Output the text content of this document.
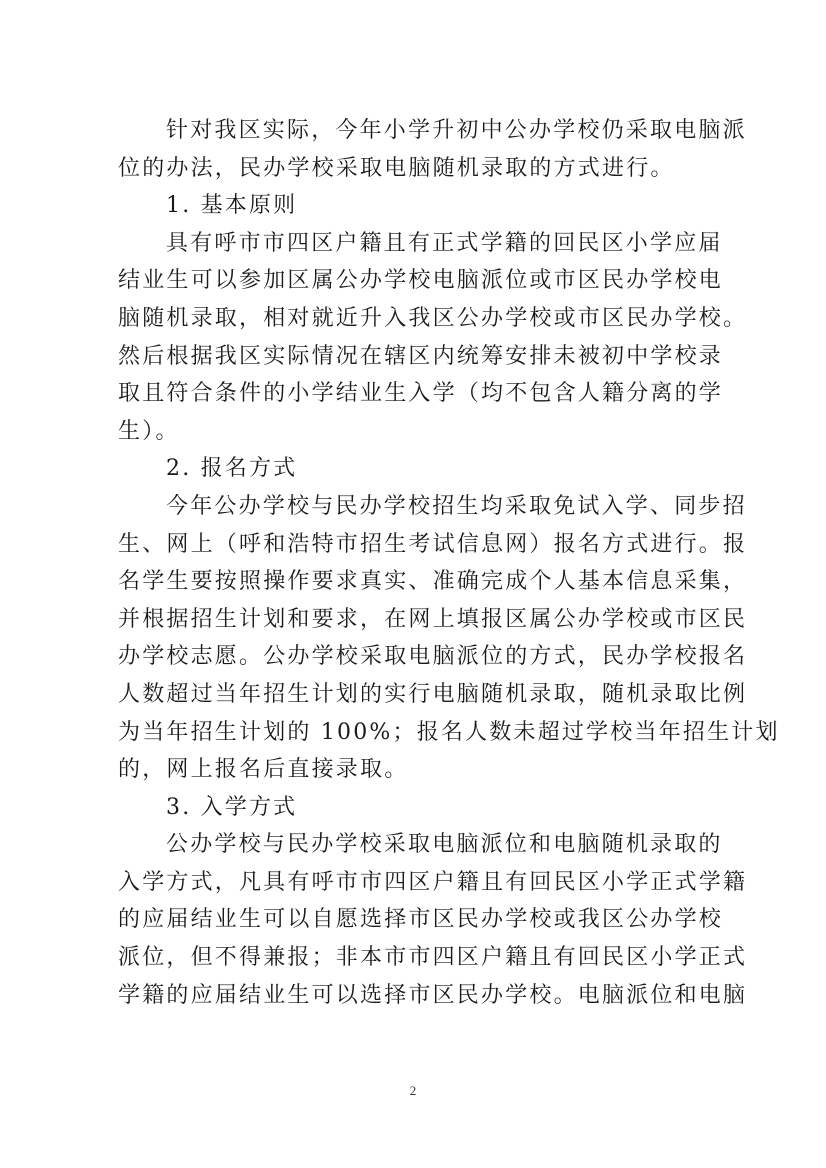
针对我区实际，今年小学升初中公办学校仍采取电脑派
位的办法，民办学校采取电脑随机录取的方式进行。
1. 基本原则
具有呼市市四区户籍且有正式学籍的回民区小学应届
结业生可以参加区属公办学校电脑派位或市区民办学校电
脑随机录取，相对就近升入我区公办学校或市区民办学校。
然后根据我区实际情况在辖区内统筹安排未被初中学校录
取且符合条件的小学结业生入学（均不包含人籍分离的学
生）。
2. 报名方式
今年公办学校与民办学校招生均采取免试入学、同步招
生、网上（呼和浩特市招生考试信息网）报名方式进行。报
名学生要按照操作要求真实、准确完成个人基本信息采集，
并根据招生计划和要求，在网上填报区属公办学校或市区民
办学校志愿。公办学校采取电脑派位的方式，民办学校报名
人数超过当年招生计划的实行电脑随机录取，随机录取比例
为当年招生计划的 100%；报名人数未超过学校当年招生计划
的，网上报名后直接录取。
3. 入学方式
公办学校与民办学校采取电脑派位和电脑随机录取的
入学方式，凡具有呼市市四区户籍且有回民区小学正式学籍
的应届结业生可以自愿选择市区民办学校或我区公办学校
派位，但不得兼报；非本市市四区户籍且有回民区小学正式
学籍的应届结业生可以选择市区民办学校。电脑派位和电脑
2
